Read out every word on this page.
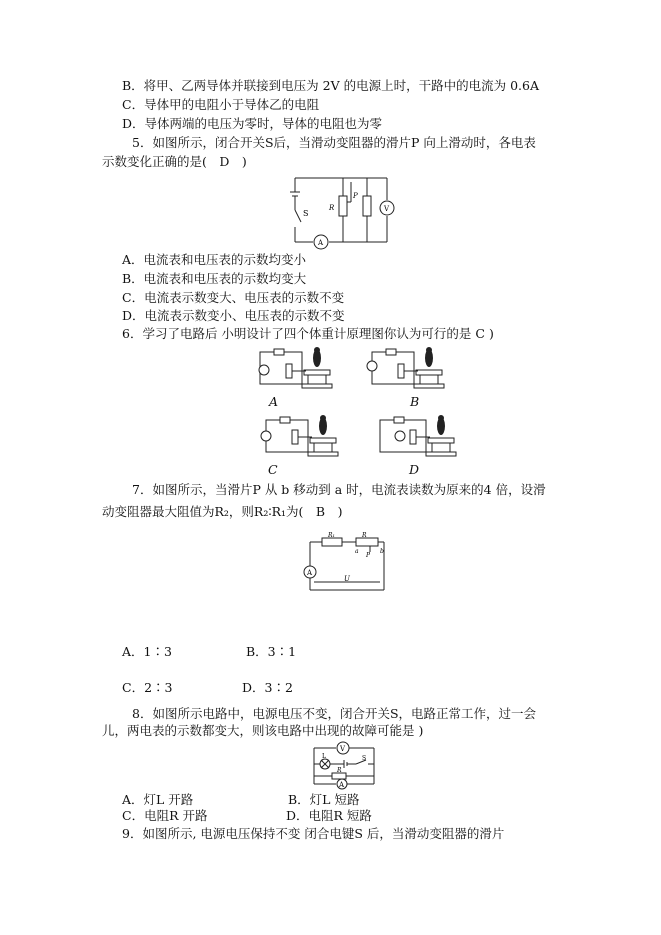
B．将甲、乙两导体并联接到电压为 2V 的电源上时，干路中的电流为 0.6A
C．导体甲的电阻小于导体乙的电阻
D．导体两端的电压为零时，导体的电阻也为零
5．如图所示，闭合开关S后，当滑动变阻器的滑片P 向上滑动时，各电表
示数变化正确的是(　D　)
S
R
P
A
V
A．电流表和电压表的示数均变小
B．电流表和电压表的示数均变大
C．电流表示数变大、电压表的示数不变
D．电流表示数变小、电压表的示数不变
6．学习了电路后 小明设计了四个体重计原理图你认为可行的是 C )
A	B
C	D
7．如图所示，当滑片P 从 b 移动到 a 时，电流表读数为原来的4 倍，设滑
动变阻器最大阻值为R₂，则R₂∶R₁为(　B　)
R₁	R
a
P
b
U
A
A．1∶3	B．3∶1
C．2∶3	D．3∶2
8．如图所示电路中，电源电压不变，闭合开关S，电路正常工作，过一会
儿，两电表的示数都变大，则该电路中出现的故障可能是 )
V
L	S
R
A
A．灯L 开路	B．灯L 短路
C．电阻R 开路	D．电阻R 短路
9．如图所示, 电源电压保持不变 闭合电键S 后，当滑动变阻器的滑片
